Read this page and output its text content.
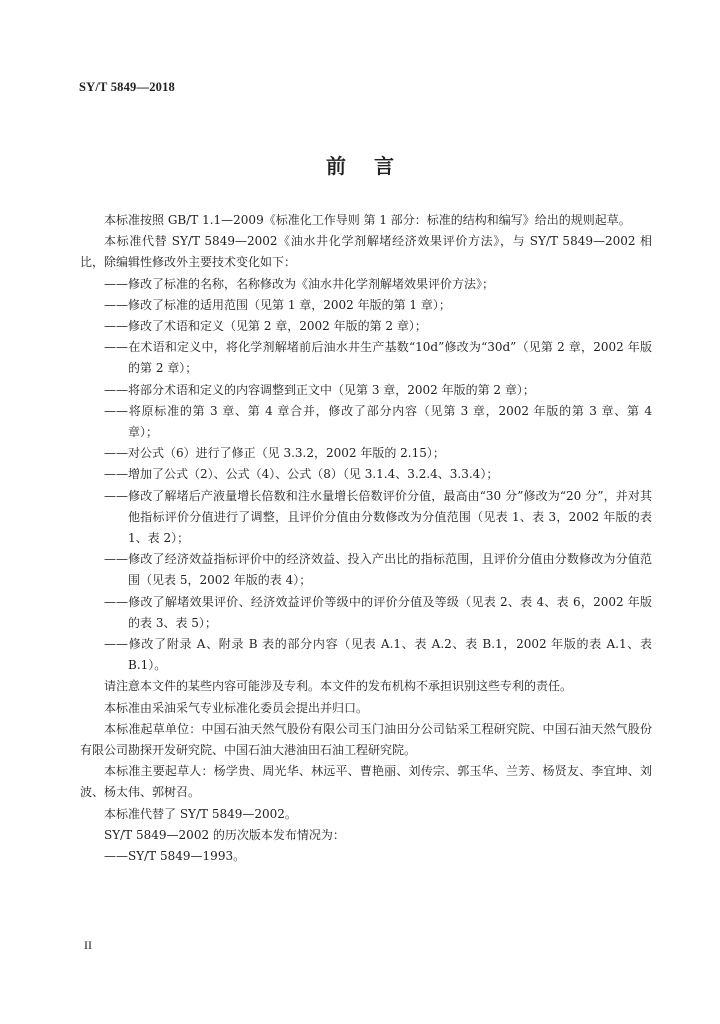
SY/T 5849—2018
前言

本标准按照 GB/T 1.1—2009《标准化工作导则 第 1 部分：标准的结构和编写》给出的规则起草。

本标准代替 SY/T 5849—2002《油水井化学剂解堵经济效果评价方法》，与 SY/T 5849—2002 相比，除编辑性修改外主要技术变化如下：

——修改了标准的名称，名称修改为《油水井化学剂解堵效果评价方法》；

——修改了标准的适用范围（见第 1 章，2002 年版的第 1 章）；

——修改了术语和定义（见第 2 章，2002 年版的第 2 章）；

——在术语和定义中，将化学剂解堵前后油水井生产基数“10d”修改为“30d”（见第 2 章，2002 年版的第 2 章）；

——将部分术语和定义的内容调整到正文中（见第 3 章，2002 年版的第 2 章）；

——将原标准的第 3 章、第 4 章合并，修改了部分内容（见第 3 章，2002 年版的第 3 章、第 4 章）；

——对公式（6）进行了修正（见 3.3.2，2002 年版的 2.15）；

——增加了公式（2）、公式（4）、公式（8）（见 3.1.4、3.2.4、3.3.4）；

——修改了解堵后产液量增长倍数和注水量增长倍数评价分值，最高由“30 分”修改为“20 分”，并对其他指标评价分值进行了调整，且评价分值由分数修改为分值范围（见表 1、表 3，2002 年版的表 1、表 2）；

——修改了经济效益指标评价中的经济效益、投入产出比的指标范围，且评价分值由分数修改为分值范围（见表 5，2002 年版的表 4）；

——修改了解堵效果评价、经济效益评价等级中的评价分值及等级（见表 2、表 4、表 6，2002 年版的表 3、表 5）；

——修改了附录 A、附录 B 表的部分内容（见表 A.1、表 A.2、表 B.1，2002 年版的表 A.1、表 B.1）。

请注意本文件的某些内容可能涉及专利。本文件的发布机构不承担识别这些专利的责任。

本标准由采油采气专业标准化委员会提出并归口。

本标准起草单位：中国石油天然气股份有限公司玉门油田分公司钻采工程研究院、中国石油天然气股份有限公司勘探开发研究院、中国石油大港油田石油工程研究院。

本标准主要起草人：杨学贵、周光华、林远平、曹艳丽、刘传宗、郭玉华、兰芳、杨贤友、李宜坤、刘波、杨太伟、郭树召。

本标准代替了 SY/T 5849—2002。

SY/T 5849—2002 的历次版本发布情况为：

——SY/T 5849—1993。

II
